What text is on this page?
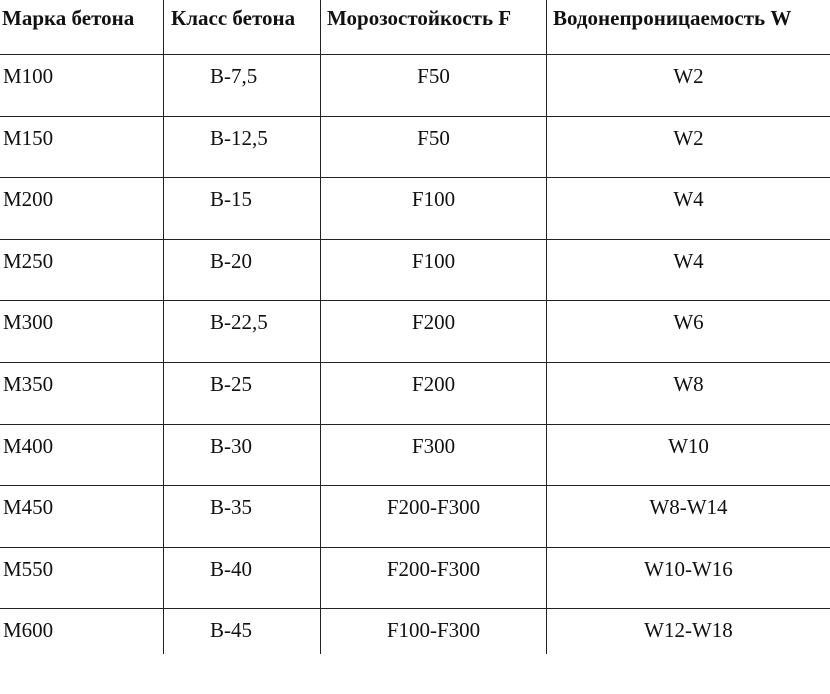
Марка бетона	Класс бетона	Морозостойкость F	Водонепроницаемость W
М100	В-7,5	F50	W2
М150	В-12,5	F50	W2
М200	В-15	F100	W4
М250	В-20	F100	W4
М300	В-22,5	F200	W6
М350	В-25	F200	W8
М400	В-30	F300	W10
М450	В-35	F200-F300	W8-W14
М550	В-40	F200-F300	W10-W16
М600	В-45	F100-F300	W12-W18
